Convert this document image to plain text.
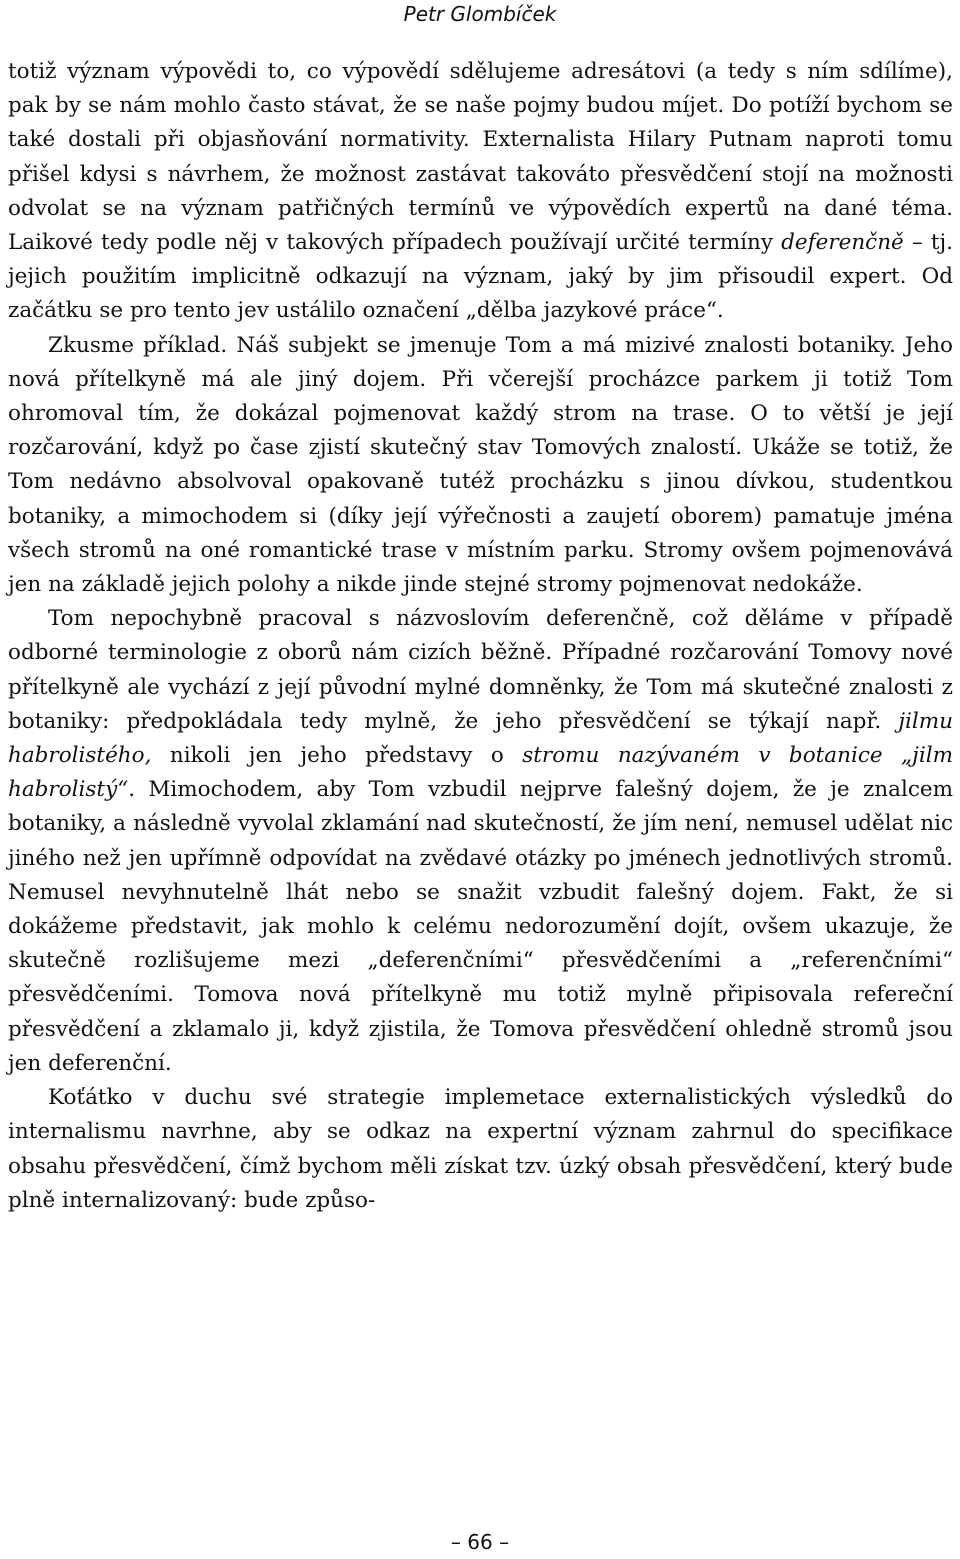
Petr Glombíček

totiž význam výpovědi to, co výpovědí sdělujeme adresátovi (a tedy s ním sdílíme), pak by se nám mohlo často stávat, že se naše pojmy budou míjet. Do potíží bychom se také dostali při objasňování normativity. Externalista Hilary Putnam naproti tomu přišel kdysi s návrhem, že možnost zastávat takováto přesvědčení stojí na možnosti odvolat se na význam patřičných termínů ve výpovědích expertů na dané téma. Laikové tedy podle něj v takových případech používají určité termíny deferenčně – tj. jejich použitím implicitně odkazují na význam, jaký by jim přisoudil expert. Od začátku se pro tento jev ustálilo označení „dělba jazykové práce“.

Zkusme příklad. Náš subjekt se jmenuje Tom a má mizivé znalosti botaniky. Jeho nová přítelkyně má ale jiný dojem. Při včerejší procházce parkem ji totiž Tom ohromoval tím, že dokázal pojmenovat každý strom na trase. O to větší je její rozčarování, když po čase zjistí skutečný stav Tomových znalostí. Ukáže se totiž, že Tom nedávno absolvoval opakovaně tutéž procházku s jinou dívkou, studentkou botaniky, a mimochodem si (díky její výřečnosti a zaujetí oborem) pamatuje jména všech stromů na oné romantické trase v místním parku. Stromy ovšem pojmenovává jen na základě jejich polohy a nikde jinde stejné stromy pojmenovat nedokáže.

Tom nepochybně pracoval s názvoslovím deferenčně, což děláme v případě odborné terminologie z oborů nám cizích běžně. Případné rozčarování Tomovy nové přítelkyně ale vychází z její původní mylné domněnky, že Tom má skutečné znalosti z botaniky: předpokládala tedy mylně, že jeho přesvědčení se týkají např. jilmu habrolistého, nikoli jen jeho představy o stromu nazývaném v botanice „jilm habrolistý“. Mimochodem, aby Tom vzbudil nejprve falešný dojem, že je znalcem botaniky, a následně vyvolal zklamání nad skutečností, že jím není, nemusel udělat nic jiného než jen upřímně odpovídat na zvědavé otázky po jménech jednotlivých stromů. Nemusel nevyhnutelně lhát nebo se snažit vzbudit falešný dojem. Fakt, že si dokážeme představit, jak mohlo k celému nedorozumění dojít, ovšem ukazuje, že skutečně rozlišujeme mezi „deferenčními“ přesvědčeními a „referenčními“ přesvědčeními. Tomova nová přítelkyně mu totiž mylně připisovala refereční přesvědčení a zklamalo ji, když zjistila, že Tomova přesvědčení ohledně stromů jsou jen deferenční.

Koťátko v duchu své strategie implemetace externalistických výsledků do internalismu navrhne, aby se odkaz na expertní význam zahrnul do specifikace obsahu přesvědčení, čímž bychom měli získat tzv. úzký obsah přesvědčení, který bude plně internalizovaný: bude způso-

– 66 –
